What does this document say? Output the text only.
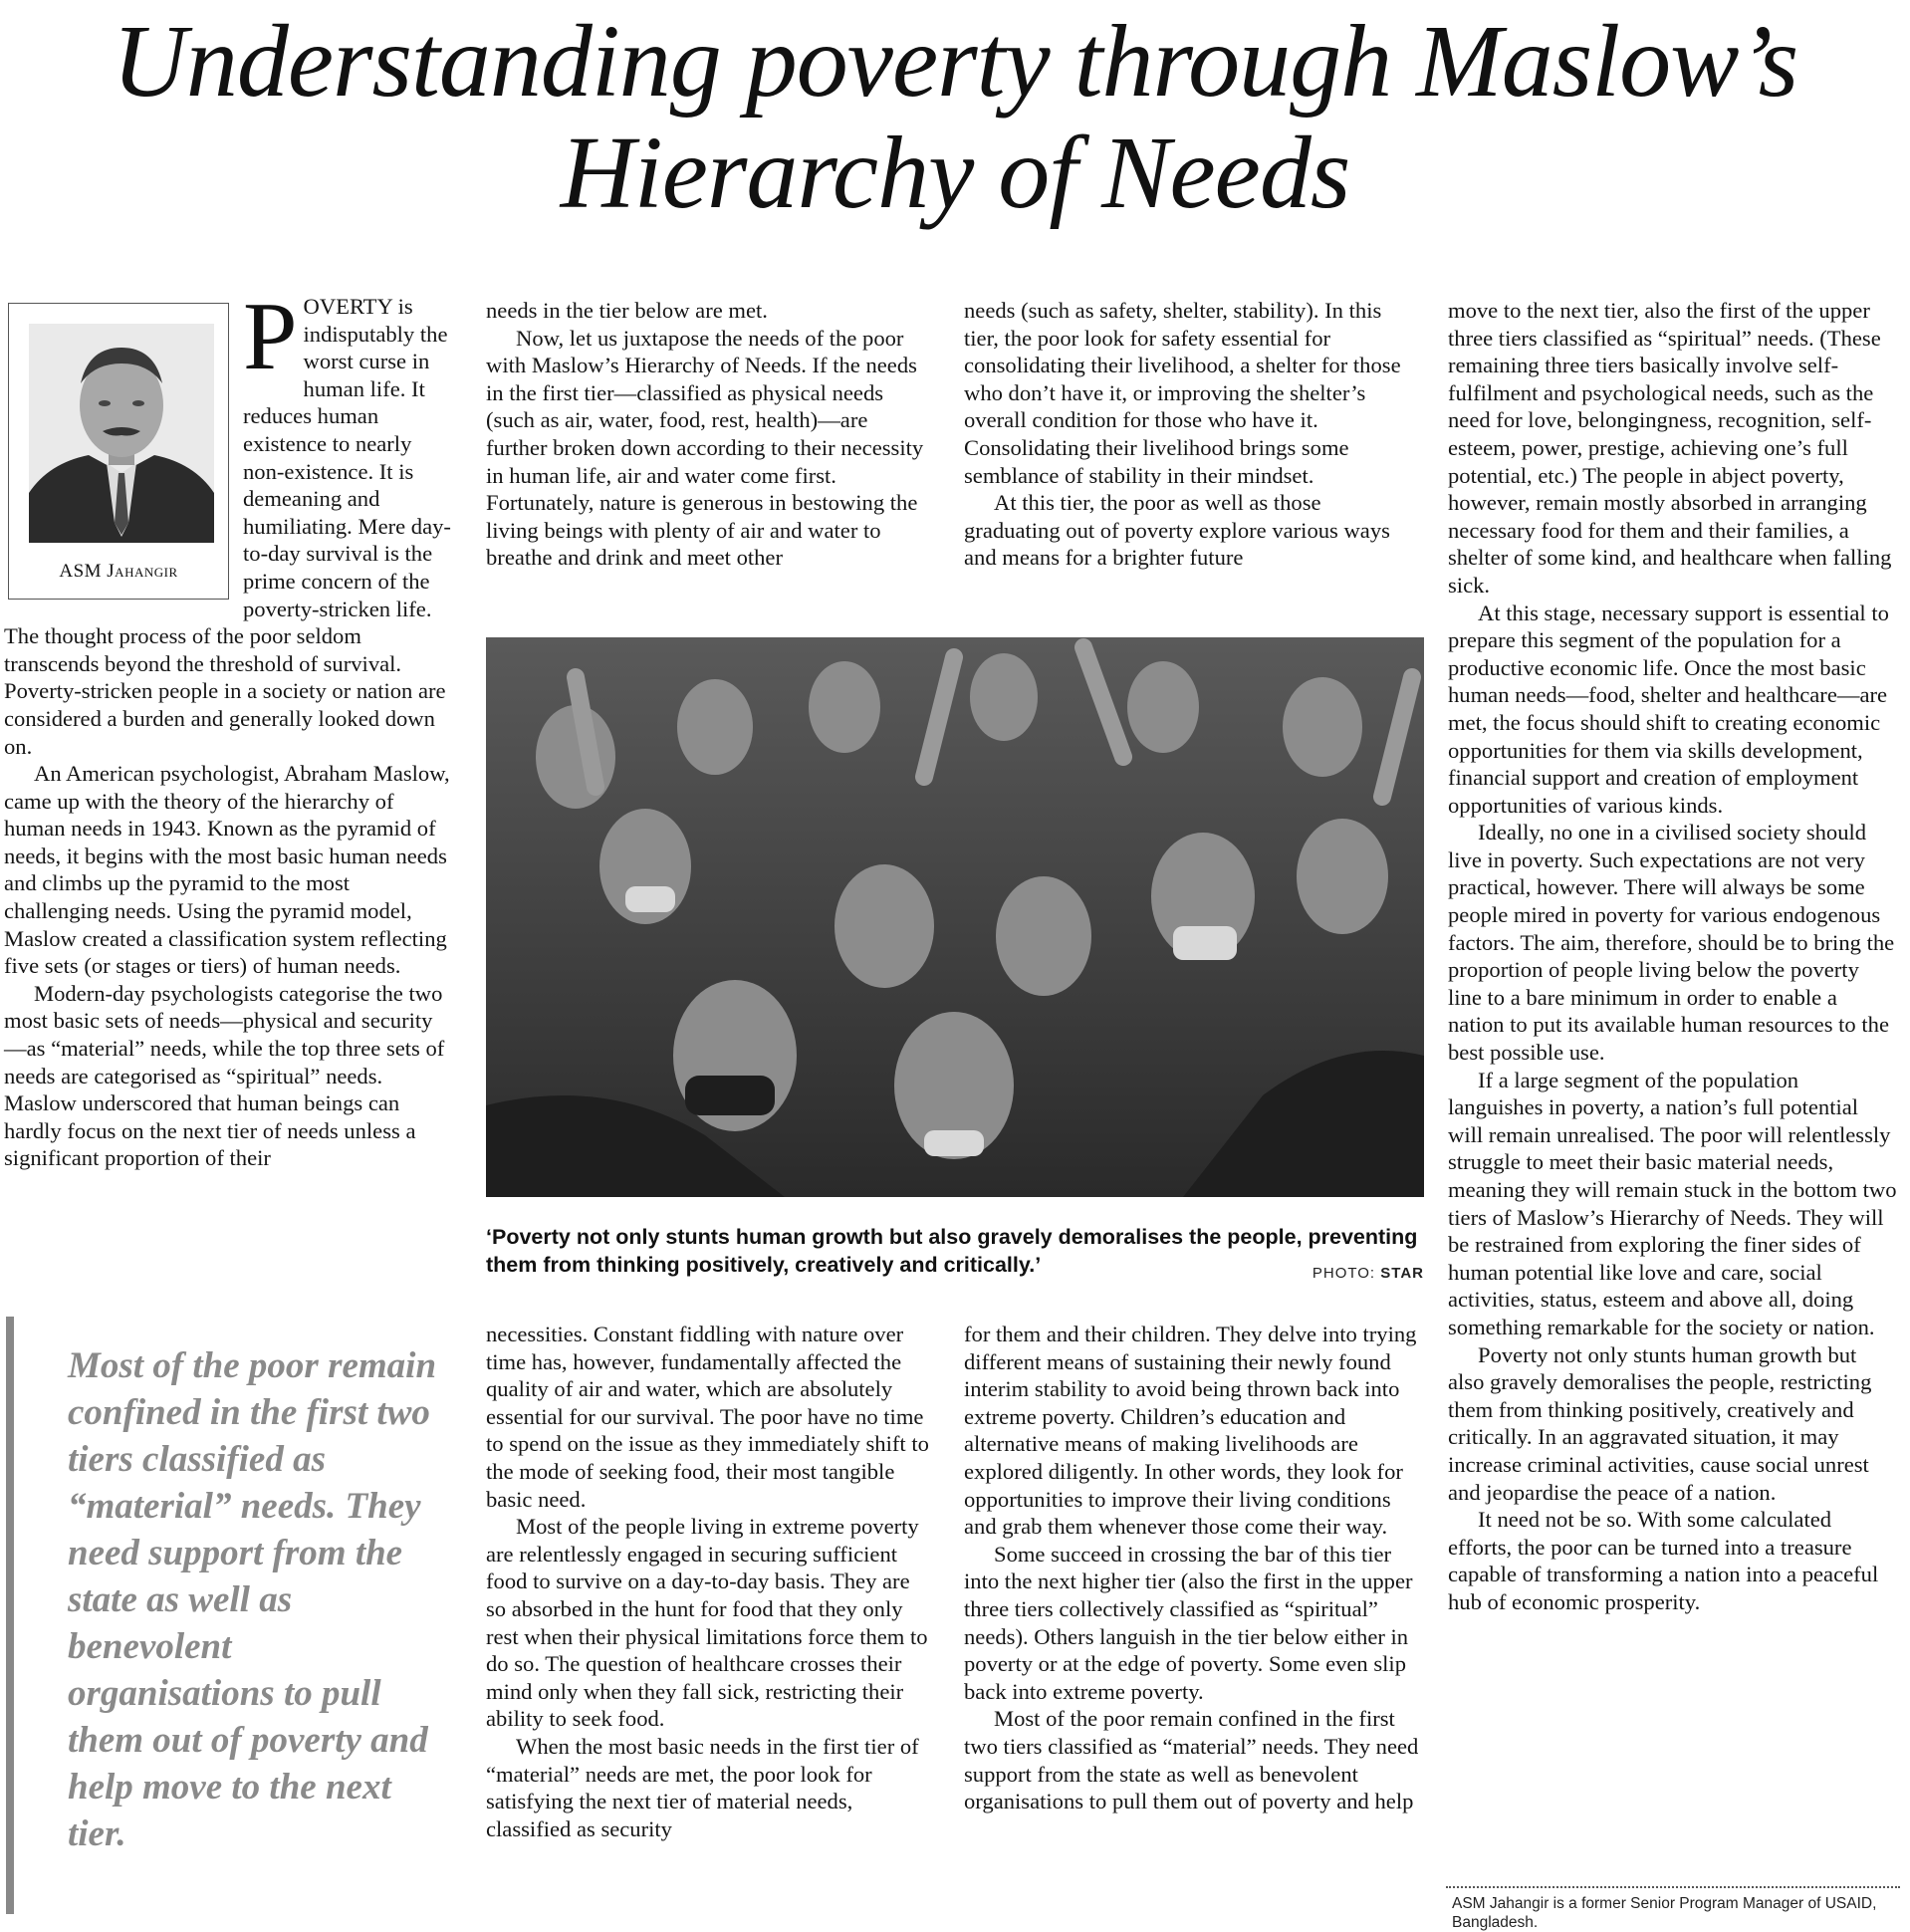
Understanding poverty through Maslow’s
Hierarchy of Needs
ASM Jahangir

POVERTY is indisputably the worst curse in human life. It reduces human existence to nearly non-existence. It is demeaning and humiliating. Mere day-to-day survival is the prime concern of the poverty-stricken life. The thought process of the poor seldom transcends beyond the threshold of survival. Poverty-stricken people in a society or nation are considered a burden and generally looked down on.

An American psychologist, Abraham Maslow, came up with the theory of the hierarchy of human needs in 1943. Known as the pyramid of needs, it begins with the most basic human needs and climbs up the pyramid to the most challenging needs. Using the pyramid model, Maslow created a classification system reflecting five sets (or stages or tiers) of human needs.

Modern-day psychologists categorise the two most basic sets of needs—physical and security—as “material” needs, while the top three sets of needs are categorised as “spiritual” needs. Maslow underscored that human beings can hardly focus on the next tier of needs unless a significant proportion of their

needs in the tier below are met.

Now, let us juxtapose the needs of the poor with Maslow’s Hierarchy of Needs. If the needs in the first tier—classified as physical needs (such as air, water, food, rest, health)—are further broken down according to their necessity in human life, air and water come first. Fortunately, nature is generous in bestowing the living beings with plenty of air and water to breathe and drink and meet other

needs (such as safety, shelter, stability). In this tier, the poor look for safety essential for consolidating their livelihood, a shelter for those who don’t have it, or improving the shelter’s overall condition for those who have it. Consolidating their livelihood brings some semblance of stability in their mindset.

At this tier, the poor as well as those graduating out of poverty explore various ways and means for a brighter future

‘Poverty not only stunts human growth but also gravely demoralises the people, preventing them from thinking positively, creatively and critically.’	PHOTO: STAR
Most of the poor remain confined in the first two tiers classified as “material” needs. They need support from the state as well as benevolent organisations to pull them out of poverty and help move to the next tier.

necessities. Constant fiddling with nature over time has, however, fundamentally affected the quality of air and water, which are absolutely essential for our survival. The poor have no time to spend on the issue as they immediately shift to the mode of seeking food, their most tangible basic need.

Most of the people living in extreme poverty are relentlessly engaged in securing sufficient food to survive on a day-to-day basis. They are so absorbed in the hunt for food that they only rest when their physical limitations force them to do so. The question of healthcare crosses their mind only when they fall sick, restricting their ability to seek food.

When the most basic needs in the first tier of “material” needs are met, the poor look for satisfying the next tier of material needs, classified as security

for them and their children. They delve into trying different means of sustaining their newly found interim stability to avoid being thrown back into extreme poverty. Children’s education and alternative means of making livelihoods are explored diligently. In other words, they look for opportunities to improve their living conditions and grab them whenever those come their way.

Some succeed in crossing the bar of this tier into the next higher tier (also the first in the upper three tiers collectively classified as “spiritual” needs). Others languish in the tier below either in poverty or at the edge of poverty. Some even slip back into extreme poverty.

Most of the poor remain confined in the first two tiers classified as “material” needs. They need support from the state as well as benevolent organisations to pull them out of poverty and help

move to the next tier, also the first of the upper three tiers classified as “spiritual” needs. (These remaining three tiers basically involve self-fulfilment and psychological needs, such as the need for love, belongingness, recognition, self-esteem, power, prestige, achieving one’s full potential, etc.) The people in abject poverty, however, remain mostly absorbed in arranging necessary food for them and their families, a shelter of some kind, and healthcare when falling sick.

At this stage, necessary support is essential to prepare this segment of the population for a productive economic life. Once the most basic human needs—food, shelter and healthcare—are met, the focus should shift to creating economic opportunities for them via skills development, financial support and creation of employment opportunities of various kinds.

Ideally, no one in a civilised society should live in poverty. Such expectations are not very practical, however. There will always be some people mired in poverty for various endogenous factors. The aim, therefore, should be to bring the proportion of people living below the poverty line to a bare minimum in order to enable a nation to put its available human resources to the best possible use.

If a large segment of the population languishes in poverty, a nation’s full potential will remain unrealised. The poor will relentlessly struggle to meet their basic material needs, meaning they will remain stuck in the bottom two tiers of Maslow’s Hierarchy of Needs. They will be restrained from exploring the finer sides of human potential like love and care, social activities, status, esteem and above all, doing something remarkable for the society or nation.

Poverty not only stunts human growth but also gravely demoralises the people, restricting them from thinking positively, creatively and critically. In an aggravated situation, it may increase criminal activities, cause social unrest and jeopardise the peace of a nation.

It need not be so. With some calculated efforts, the poor can be turned into a treasure capable of transforming a nation into a peaceful hub of economic prosperity.

ASM Jahangir is a former Senior Program Manager of USAID, Bangladesh.
